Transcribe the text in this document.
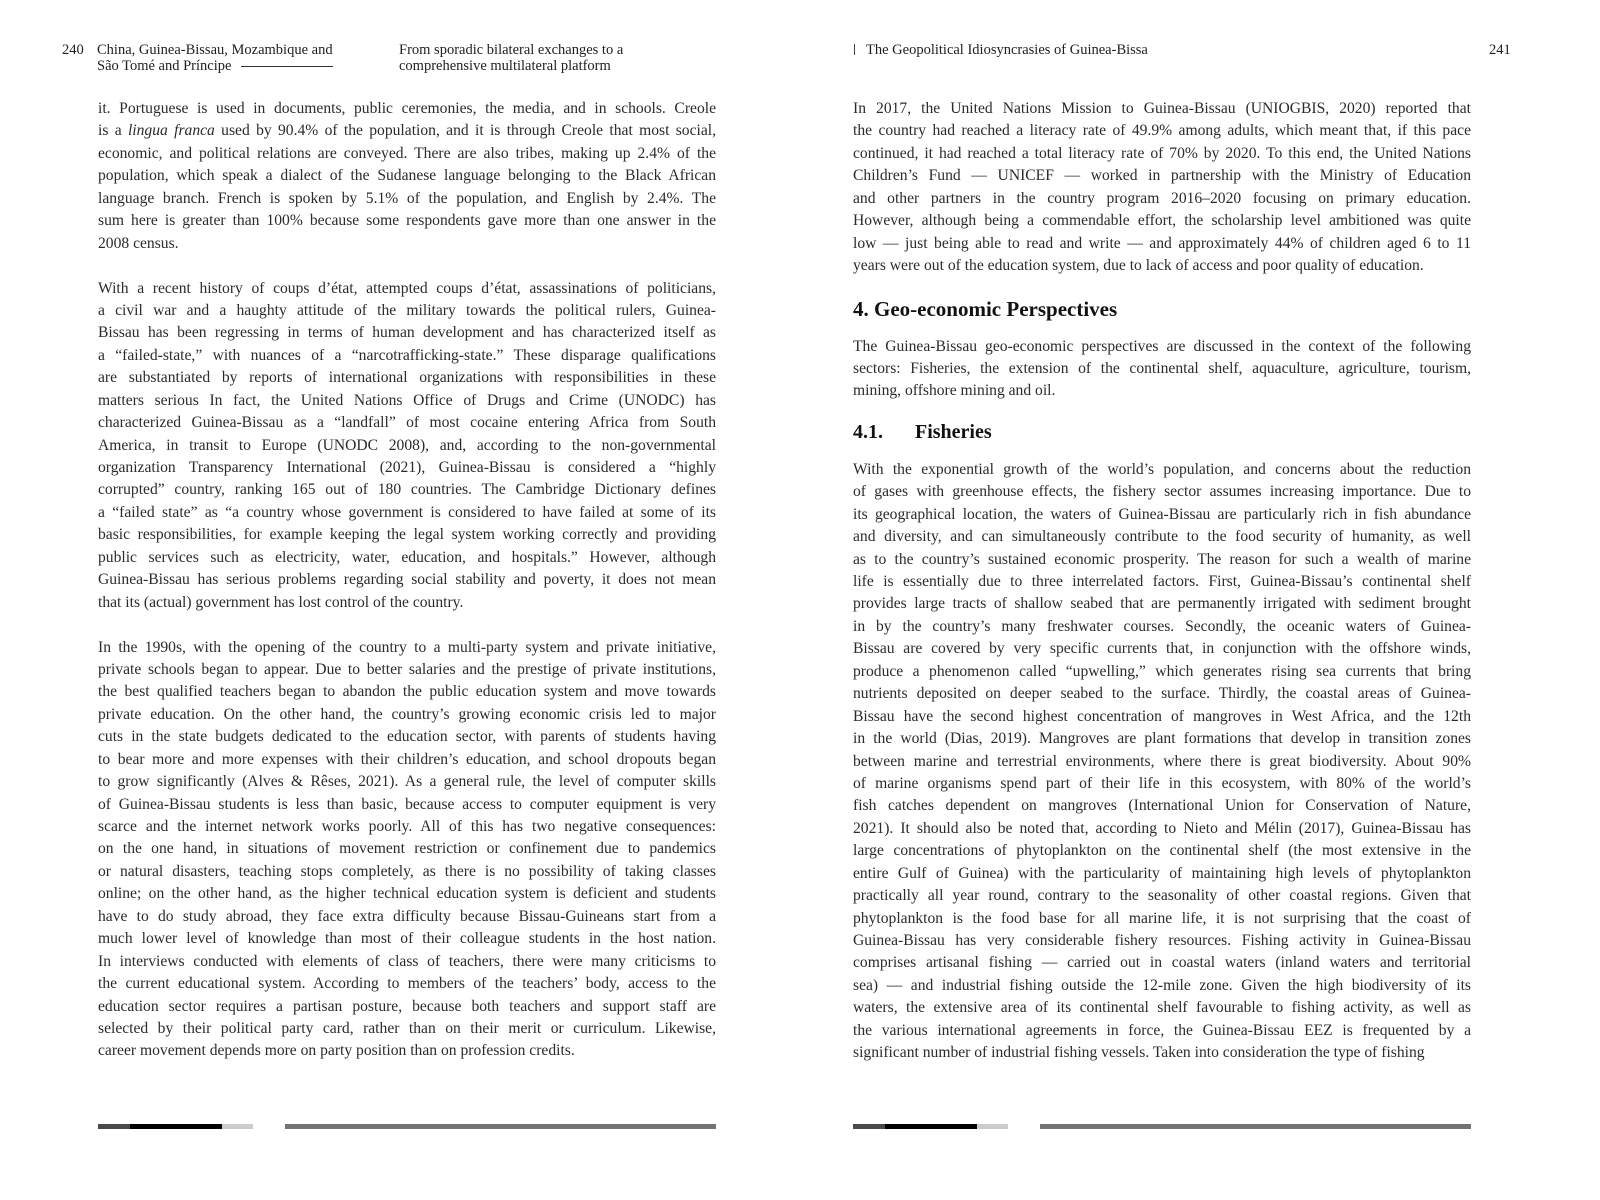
240 China, Guinea-Bissau, Mozambique and
São Tomé and Príncipe
From sporadic bilateral exchanges to a
comprehensive multilateral platform
it. Portuguese is used in documents, public ceremonies, the media, and in schools. Creole
is a lingua franca used by 90.4% of the population, and it is through Creole that most social,
economic, and political relations are conveyed. There are also tribes, making up 2.4% of the
population, which speak a dialect of the Sudanese language belonging to the Black African
language branch. French is spoken by 5.1% of the population, and English by 2.4%. The
sum here is greater than 100% because some respondents gave more than one answer in the
2008 census.
With a recent history of coups d’état, attempted coups d’état, assassinations of politicians,
a civil war and a haughty attitude of the military towards the political rulers, Guinea-
Bissau has been regressing in terms of human development and has characterized itself as
a “failed-state,” with nuances of a “narcotrafficking-state.” These disparage qualifications
are substantiated by reports of international organizations with responsibilities in these
matters serious In fact, the United Nations Office of Drugs and Crime (UNODC) has
characterized Guinea-Bissau as a “landfall” of most cocaine entering Africa from South
America, in transit to Europe (UNODC 2008), and, according to the non-governmental
organization Transparency International (2021), Guinea-Bissau is considered a “highly
corrupted” country, ranking 165 out of 180 countries. The Cambridge Dictionary defines
a “failed state” as “a country whose government is considered to have failed at some of its
basic responsibilities, for example keeping the legal system working correctly and providing
public services such as electricity, water, education, and hospitals.” However, although
Guinea-Bissau has serious problems regarding social stability and poverty, it does not mean
that its (actual) government has lost control of the country.
In the 1990s, with the opening of the country to a multi-party system and private initiative,
private schools began to appear. Due to better salaries and the prestige of private institutions,
the best qualified teachers began to abandon the public education system and move towards
private education. On the other hand, the country’s growing economic crisis led to major
cuts in the state budgets dedicated to the education sector, with parents of students having
to bear more and more expenses with their children’s education, and school dropouts began
to grow significantly (Alves & Rêses, 2021). As a general rule, the level of computer skills
of Guinea-Bissau students is less than basic, because access to computer equipment is very
scarce and the internet network works poorly. All of this has two negative consequences:
on the one hand, in situations of movement restriction or confinement due to pandemics
or natural disasters, teaching stops completely, as there is no possibility of taking classes
online; on the other hand, as the higher technical education system is deficient and students
have to do study abroad, they face extra difficulty because Bissau-Guineans start from a
much lower level of knowledge than most of their colleague students in the host nation.
In interviews conducted with elements of class of teachers, there were many criticisms to
the current educational system. According to members of the teachers’ body, access to the
education sector requires a partisan posture, because both teachers and support staff are
selected by their political party card, rather than on their merit or curriculum. Likewise,
career movement depends more on party position than on profession credits.
The Geopolitical Idiosyncrasies of Guinea-Bissa	241
In 2017, the United Nations Mission to Guinea-Bissau (UNIOGBIS, 2020) reported that
the country had reached a literacy rate of 49.9% among adults, which meant that, if this pace
continued, it had reached a total literacy rate of 70% by 2020. To this end, the United Nations
Children’s Fund — UNICEF — worked in partnership with the Ministry of Education
and other partners in the country program 2016–2020 focusing on primary education.
However, although being a commendable effort, the scholarship level ambitioned was quite
low — just being able to read and write — and approximately 44% of children aged 6 to 11
years were out of the education system, due to lack of access and poor quality of education.
4. Geo-economic Perspectives
The Guinea-Bissau geo-economic perspectives are discussed in the context of the following
sectors: Fisheries, the extension of the continental shelf, aquaculture, agriculture, tourism,
mining, offshore mining and oil.
4.1. Fisheries
With the exponential growth of the world’s population, and concerns about the reduction
of gases with greenhouse effects, the fishery sector assumes increasing importance. Due to
its geographical location, the waters of Guinea-Bissau are particularly rich in fish abundance
and diversity, and can simultaneously contribute to the food security of humanity, as well
as to the country’s sustained economic prosperity. The reason for such a wealth of marine
life is essentially due to three interrelated factors. First, Guinea-Bissau’s continental shelf
provides large tracts of shallow seabed that are permanently irrigated with sediment brought
in by the country’s many freshwater courses. Secondly, the oceanic waters of Guinea-
Bissau are covered by very specific currents that, in conjunction with the offshore winds,
produce a phenomenon called “upwelling,” which generates rising sea currents that bring
nutrients deposited on deeper seabed to the surface. Thirdly, the coastal areas of Guinea-
Bissau have the second highest concentration of mangroves in West Africa, and the 12th
in the world (Dias, 2019). Mangroves are plant formations that develop in transition zones
between marine and terrestrial environments, where there is great biodiversity. About 90%
of marine organisms spend part of their life in this ecosystem, with 80% of the world’s
fish catches dependent on mangroves (International Union for Conservation of Nature,
2021). It should also be noted that, according to Nieto and Mélin (2017), Guinea-Bissau has
large concentrations of phytoplankton on the continental shelf (the most extensive in the
entire Gulf of Guinea) with the particularity of maintaining high levels of phytoplankton
practically all year round, contrary to the seasonality of other coastal regions. Given that
phytoplankton is the food base for all marine life, it is not surprising that the coast of
Guinea-Bissau has very considerable fishery resources. Fishing activity in Guinea-Bissau
comprises artisanal fishing — carried out in coastal waters (inland waters and territorial
sea) — and industrial fishing outside the 12-mile zone. Given the high biodiversity of its
waters, the extensive area of its continental shelf favourable to fishing activity, as well as
the various international agreements in force, the Guinea-Bissau EEZ is frequented by a
significant number of industrial fishing vessels. Taken into consideration the type of fishing
